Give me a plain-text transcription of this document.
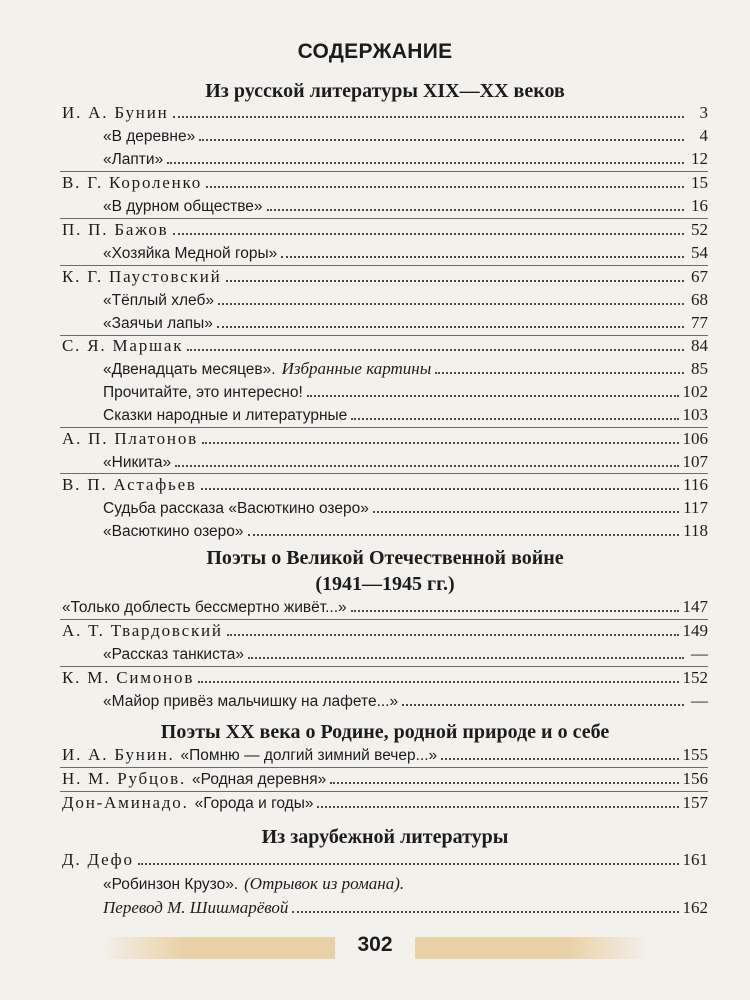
СОДЕРЖАНИЕ
Из русской литературы XIX—XX веков
И. А. Бунин	3
«В деревне»	4
«Лапти»	12
В. Г. Короленко	15
«В дурном обществе»	16
П. П. Бажов	52
«Хозяйка Медной горы»	54
К. Г. Паустовский	67
«Тёплый хлеб»	68
«Заячьи лапы»	77
С. Я. Маршак	84
«Двенадцать месяцев». Избранные картины	85
Прочитайте, это интересно!	102
Сказки народные и литературные	103
А. П. Платонов	106
«Никита»	107
В. П. Астафьев	116
Судьба рассказа «Васюткино озеро»	117
«Васюткино озеро»	118
Поэты о Великой Отечественной войне
(1941—1945 гг.)
«Только доблесть бессмертно живёт...»	147
А. Т. Твардовский	149
«Рассказ танкиста»	—
К. М. Симонов	152
«Майор привёз мальчишку на лафете...»	—
Поэты XX века о Родине, родной природе и о себе
И. А. Бунин. «Помню — долгий зимний вечер...»	155
Н. М. Рубцов. «Родная деревня»	156
Дон-Аминадо. «Города и годы»	157
Из зарубежной литературы
Д. Дефо	161
«Робинзон Крузо». (Отрывок из романа).
Перевод М. Шишмарёвой	162
302
